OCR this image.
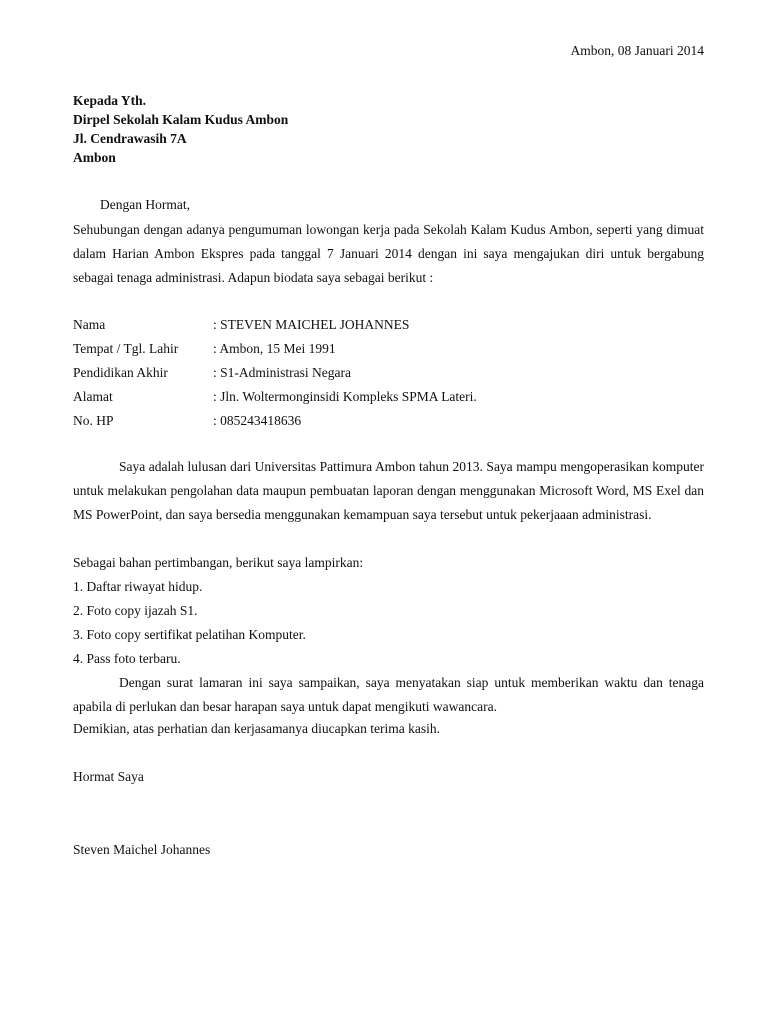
Ambon, 08 Januari 2014
Kepada Yth.
Dirpel Sekolah Kalam Kudus Ambon
Jl. Cendrawasih 7A
Ambon
Dengan Hormat,
Sehubungan dengan adanya pengumuman lowongan kerja pada Sekolah Kalam Kudus Ambon, seperti yang dimuat dalam Harian Ambon Ekspres pada tanggal 7 Januari 2014 dengan ini saya mengajukan diri untuk bergabung sebagai tenaga administrasi. Adapun biodata saya sebagai berikut :
Nama	: STEVEN MAICHEL JOHANNES
Tempat / Tgl. Lahir	: Ambon, 15 Mei 1991
Pendidikan Akhir	: S1-Administrasi Negara
Alamat	: Jln. Woltermonginsidi Kompleks SPMA Lateri.
No. HP	: 085243418636
Saya adalah lulusan dari Universitas Pattimura Ambon tahun 2013. Saya mampu mengoperasikan komputer untuk melakukan pengolahan data maupun pembuatan laporan dengan menggunakan Microsoft Word, MS Exel dan MS PowerPoint, dan saya bersedia menggunakan kemampuan saya tersebut untuk pekerjaaan administrasi.
Sebagai bahan pertimbangan, berikut saya lampirkan:
1. Daftar riwayat hidup.
2. Foto copy ijazah S1.
3. Foto copy sertifikat pelatihan Komputer.
4. Pass foto terbaru.
Dengan surat lamaran ini saya sampaikan, saya menyatakan siap untuk memberikan waktu dan tenaga apabila di perlukan dan besar harapan saya untuk dapat mengikuti wawancara.
Demikian, atas perhatian dan kerjasamanya diucapkan terima kasih.
Hormat Saya
Steven Maichel Johannes
